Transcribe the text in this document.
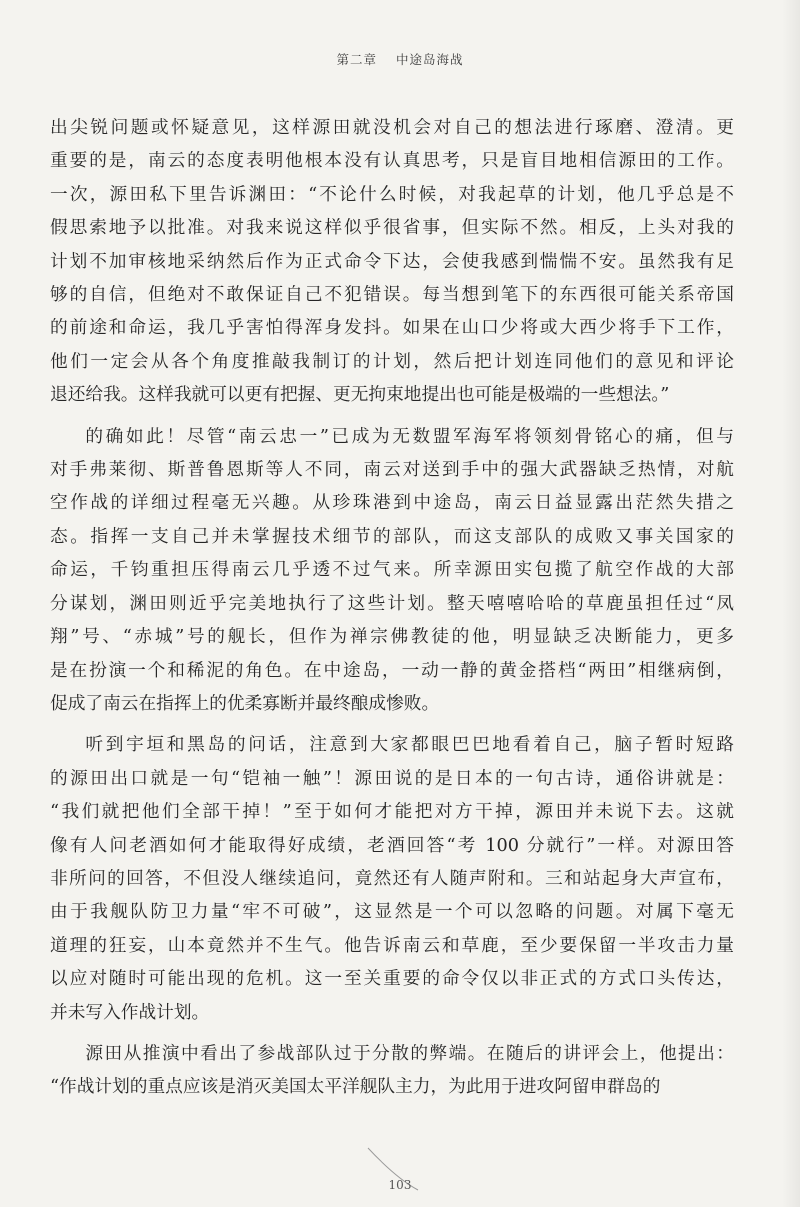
第二章 中途岛海战

出尖锐问题或怀疑意见，这样源田就没机会对自己的想法进行琢磨、澄清。更

重要的是，南云的态度表明他根本没有认真思考，只是盲目地相信源田的工作。

一次，源田私下里告诉渊田：“不论什么时候，对我起草的计划，他几乎总是不

假思索地予以批准。对我来说这样似乎很省事，但实际不然。相反，上头对我的

计划不加审核地采纳然后作为正式命令下达，会使我感到惴惴不安。虽然我有足

够的自信，但绝对不敢保证自己不犯错误。每当想到笔下的东西很可能关系帝国

的前途和命运，我几乎害怕得浑身发抖。如果在山口少将或大西少将手下工作，

他们一定会从各个角度推敲我制订的计划，然后把计划连同他们的意见和评论

退还给我。这样我就可以更有把握、更无拘束地提出也可能是极端的一些想法。”

的确如此！尽管“南云忠一”已成为无数盟军海军将领刻骨铭心的痛，但与

对手弗莱彻、斯普鲁恩斯等人不同，南云对送到手中的强大武器缺乏热情，对航

空作战的详细过程毫无兴趣。从珍珠港到中途岛，南云日益显露出茫然失措之

态。指挥一支自己并未掌握技术细节的部队，而这支部队的成败又事关国家的

命运，千钧重担压得南云几乎透不过气来。所幸源田实包揽了航空作战的大部

分谋划，渊田则近乎完美地执行了这些计划。整天嘻嘻哈哈的草鹿虽担任过“凤

翔”号、“赤城”号的舰长，但作为禅宗佛教徒的他，明显缺乏决断能力，更多

是在扮演一个和稀泥的角色。在中途岛，一动一静的黄金搭档“两田”相继病倒，

促成了南云在指挥上的优柔寡断并最终酿成惨败。

听到宇垣和黑岛的问话，注意到大家都眼巴巴地看着自己，脑子暂时短路

的源田出口就是一句“铠袖一触”！源田说的是日本的一句古诗，通俗讲就是：

“我们就把他们全部干掉！”至于如何才能把对方干掉，源田并未说下去。这就

像有人问老酒如何才能取得好成绩，老酒回答“考 100 分就行”一样。对源田答

非所问的回答，不但没人继续追问，竟然还有人随声附和。三和站起身大声宣布，

由于我舰队防卫力量“牢不可破”，这显然是一个可以忽略的问题。对属下毫无

道理的狂妄，山本竟然并不生气。他告诉南云和草鹿，至少要保留一半攻击力量

以应对随时可能出现的危机。这一至关重要的命令仅以非正式的方式口头传达，

并未写入作战计划。

源田从推演中看出了参战部队过于分散的弊端。在随后的讲评会上，他提出：

“作战计划的重点应该是消灭美国太平洋舰队主力，为此用于进攻阿留申群岛的

103
